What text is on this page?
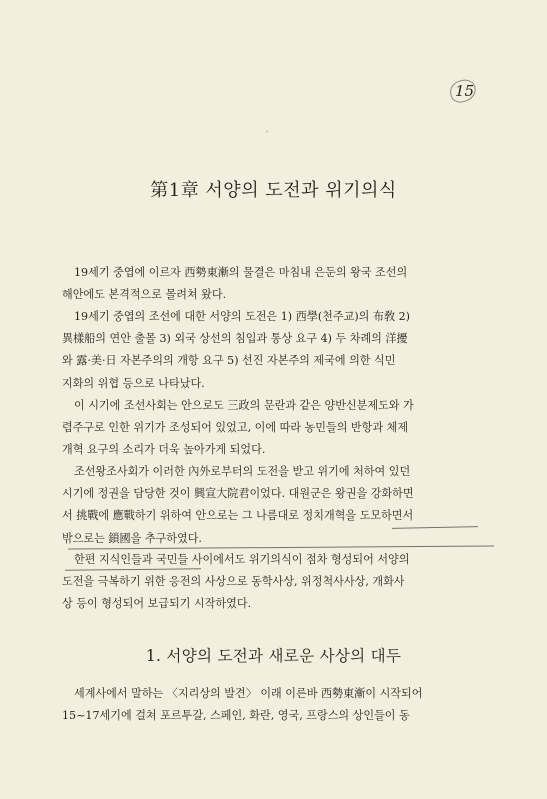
15
'
第1章 서양의 도전과 위기의식

19세기 중엽에 이르자 西勢東漸의 물결은 마침내 은둔의 왕국 조선의
해안에도 본격적으로 몰려쳐 왔다.

19세기 중엽의 조선에 대한 서양의 도전은 1) 西學(천주교)의 布敎 2)
異樣船의 연안 출몰 3) 외국 상선의 침입과 통상 요구 4) 두 차례의 洋擾
와 露·美·日 자본주의의 개항 요구 5) 선진 자본주의 제국에 의한 식민
지화의 위협 등으로 나타났다.

이 시기에 조선사회는 안으로도 三政의 문란과 같은 양반신분제도와 가
렴주구로 인한 위기가 조성되어 있었고, 이에 따라 농민들의 반항과 체제
개혁 요구의 소리가 더욱 높아가게 되었다.

조선왕조사회가 이러한 內外로부터의 도전을 받고 위기에 처하여 있던
시기에 정권을 담당한 것이 興宣大院君이었다. 대원군은 왕권을 강화하면
서 挑戰에 應戰하기 위하여 안으로는 그 나름대로 정치개혁을 도모하면서
밖으로는 鎖國을 추구하였다.

한편 지식인들과 국민들 사이에서도 위기의식이 점차 형성되어 서양의
도전을 극복하기 위한 응전의 사상으로 동학사상, 위정척사사상, 개화사
상 등이 형성되어 보급되기 시작하였다.

1. 서양의 도전과 새로운 사상의 대두

세계사에서 말하는 〈지리상의 발견〉 이래 이른바 西勢東漸이 시작되어
15~17세기에 걸쳐 포르투갈, 스페인, 화란, 영국, 프랑스의 상인들이 동
